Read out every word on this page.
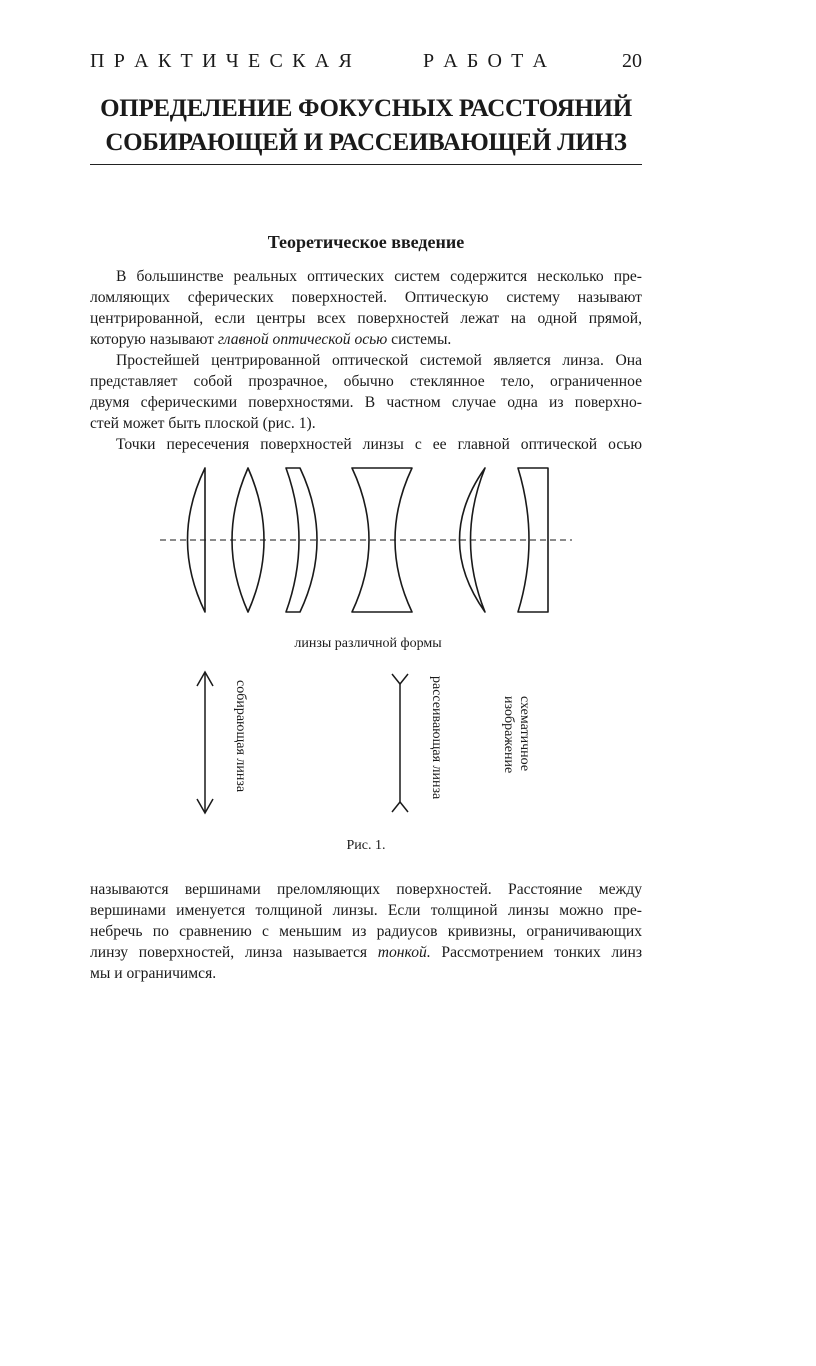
П Р А К Т И Ч Е С К А Я	Р А Б О Т А	20
ОПРЕДЕЛЕНИЕ ФОКУСНЫХ РАССТОЯНИЙ
СОБИРАЮЩЕЙ И РАССЕИВАЮЩЕЙ ЛИНЗ
Теоретическое введение

В большинстве реальных оптических систем содержится несколько пре-

ломляющих сферических поверхностей. Оптическую систему называют

центрированной, если центры всех поверхностей лежат на одной прямой,

которую называют главной оптической осью системы.

Простейшей центрированной оптической системой является линза. Она

представляет собой прозрачное, обычно стеклянное тело, ограниченное

двумя сферическими поверхностями. В частном случае одна из поверхно-

стей может быть плоской (рис. 1).

Точки пересечения поверхностей линзы с ее главной оптической осью

линзы различной формы
собирающая линза	рассеивающая линза	схематичное
изображение
Рис. 1.

называются вершинами преломляющих поверхностей. Расстояние между

вершинами именуется толщиной линзы. Если толщиной линзы можно пре-

небречь по сравнению с меньшим из радиусов кривизны, ограничивающих

линзу поверхностей, линза называется тонкой. Рассмотрением тонких линз

мы и ограничимся.
